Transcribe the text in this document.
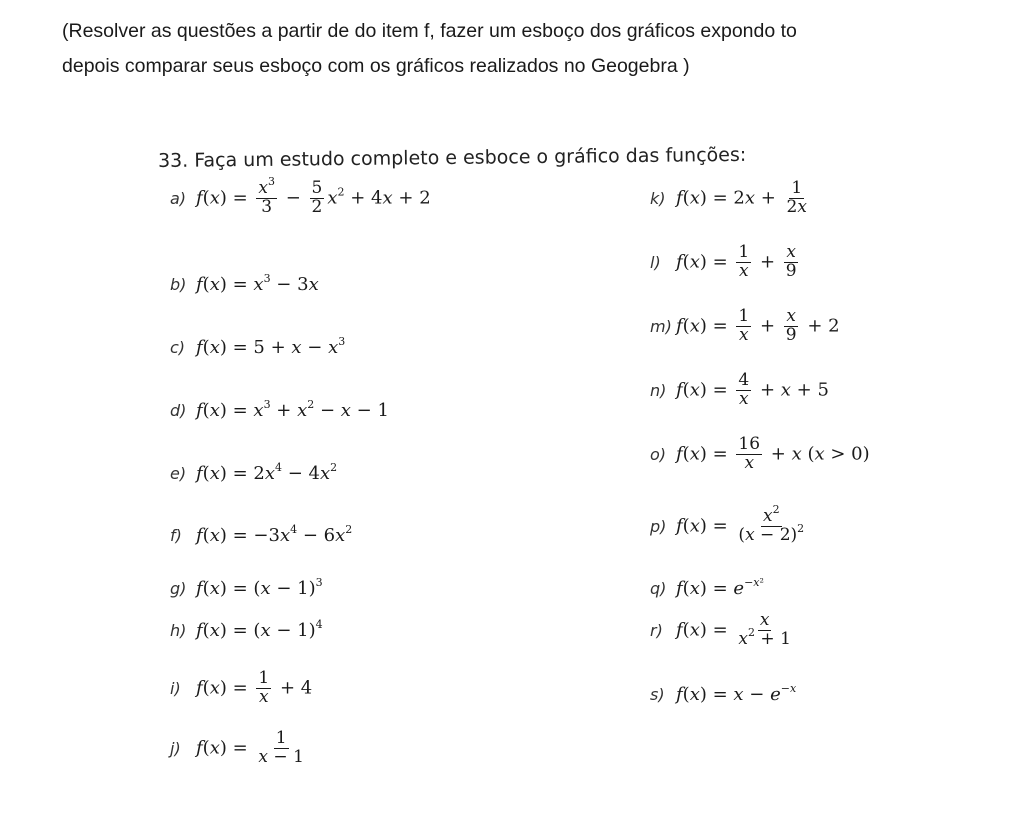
(Resolver as questões a partir de do item f, fazer um esboço dos gráficos expondo to
depois comparar seus esboço com os gráficos realizados no Geogebra )
33. Faça um estudo completo e esboce o gráfico das funções:
a) $f(x) = \frac{x^3}{3} - \frac{5}{2} x^2 + 4x + 2$
b) $f(x) = x^3 - 3x$
c) $f(x) = 5 + x - x^3$
d) $f(x) = x^3 + x^2 - x - 1$
e) $f(x) = 2x^4 - 4x^2$
f) $f(x) = -3x^4 - 6x^2$
g) $f(x) = (x - 1)^3$
h) $f(x) = (x - 1)^4$
i) $f(x) = \frac{1}{x} + 4$
j) $f(x) = \frac{1}{x - 1}$
k) $f(x) = 2x + \frac{1}{2x}$
l) $f(x) = \frac{1}{x} + \frac{x}{9}$
m) $f(x) = \frac{1}{x} + \frac{x}{9} + 2$
n) $f(x) = \frac{4}{x} + x + 5$
o) $f(x) = \frac{16}{x} + x$ (x > 0)
p) $f(x) = \frac{x^2}{(x - 2)^2}$
q) $f(x) = e^{-x^2}$
r) $f(x) = \frac{x}{x^2 + 1}$
s) $f(x) = x - e^{-x}$
